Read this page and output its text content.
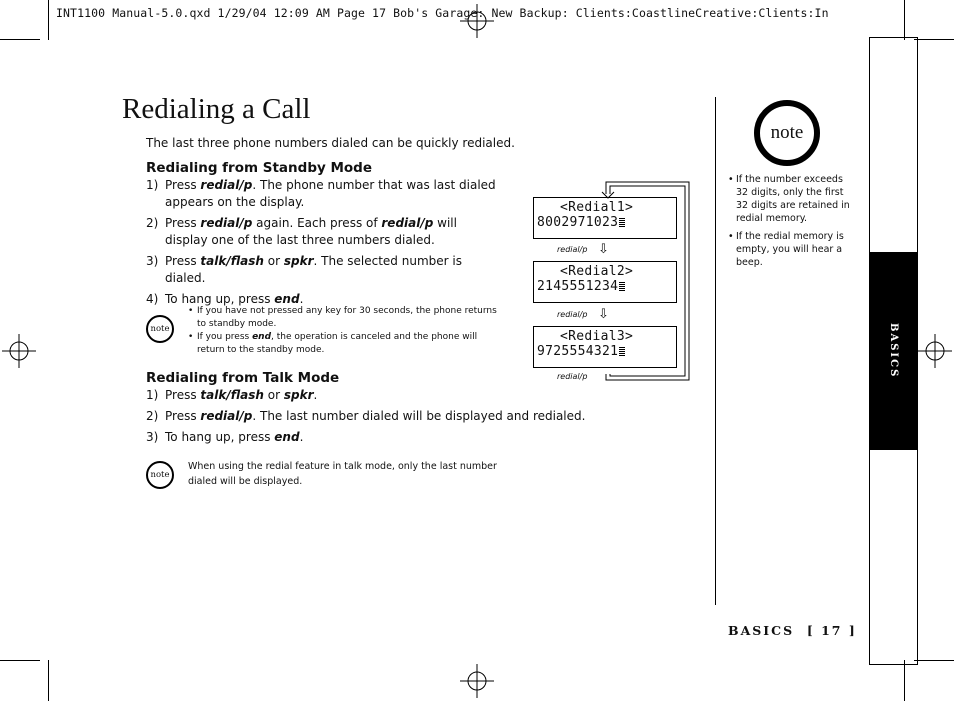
INT1100 Manual-5.0.qxd 1/29/04 12:09 AM Page 17 Bob's Garage: New Backup: Clients:CoastlineCreative:Clients:In
Redialing a Call
The last three phone numbers dialed can be quickly redialed.
Redialing from Standby Mode
1) Press redial/p. The phone number that was last dialed appears on the display.
2) Press redial/p again. Each press of redial/p will display one of the last three numbers dialed.
3) Press talk/flash or spkr. The selected number is dialed.
4) To hang up, press end.
note
• If you have not pressed any key for 30 seconds, the phone returns to standby mode.
• If you press end, the operation is canceled and the phone will return to the standby mode.
Redialing from Talk Mode
1) Press talk/flash or spkr.
2) Press redial/p. The last number dialed will be displayed and redialed.
3) To hang up, press end.
note
When using the redial feature in talk mode, only the last number dialed will be displayed.
<Redial1>
8002971023
redial/p ⇩
<Redial2>
2145551234
redial/p ⇩
<Redial3>
9725554321
redial/p
note
• If the number exceeds 32 digits, only the first 32 digits are retained in redial memory.
• If the redial memory is empty, you will hear a beep.
BASICS
BASICS [ 17 ]
